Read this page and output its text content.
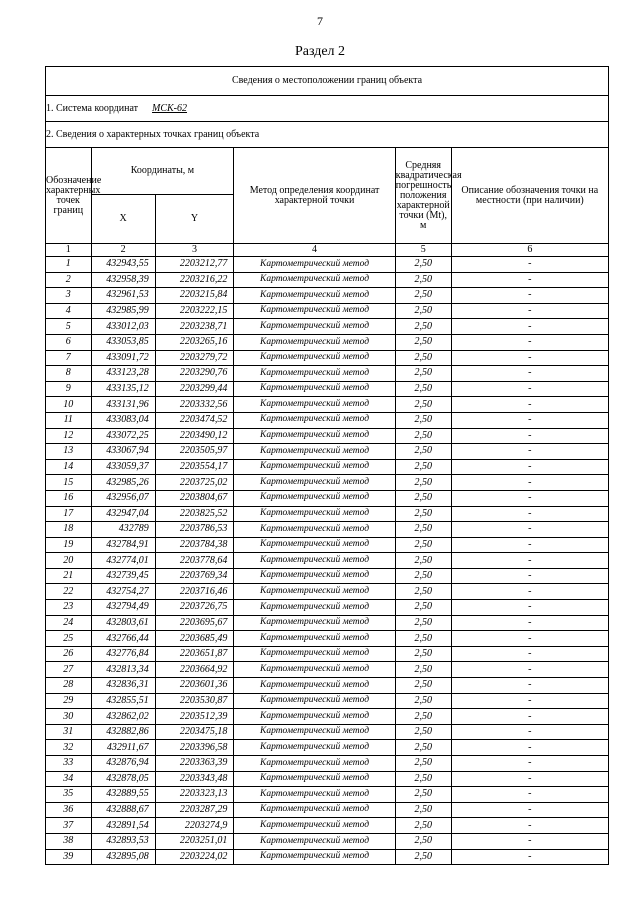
7
Раздел 2
Сведения о местоположении границ объекта					
1. Система координат МСК-62					
2. Сведения о характерных точках границ объекта					
Обозначение характерных точек границ	Координаты, м		Метод определения координат характерной точки	Средняя квадратическая погрешность положения характерной точки (Mt), м	Описание обозначения точки на местности (при наличии)
	X	Y			
1	2	3	4	5	6
1	432943,55	2203212,77	Картометрический метод	2,50	-
2	432958,39	2203216,22	Картометрический метод	2,50	-
3	432961,53	2203215,84	Картометрический метод	2,50	-
4	432985,99	2203222,15	Картометрический метод	2,50	-
5	433012,03	2203238,71	Картометрический метод	2,50	-
6	433053,85	2203265,16	Картометрический метод	2,50	-
7	433091,72	2203279,72	Картометрический метод	2,50	-
8	433123,28	2203290,76	Картометрический метод	2,50	-
9	433135,12	2203299,44	Картометрический метод	2,50	-
10	433131,96	2203332,56	Картометрический метод	2,50	-
11	433083,04	2203474,52	Картометрический метод	2,50	-
12	433072,25	2203490,12	Картометрический метод	2,50	-
13	433067,94	2203505,97	Картометрический метод	2,50	-
14	433059,37	2203554,17	Картометрический метод	2,50	-
15	432985,26	2203725,02	Картометрический метод	2,50	-
16	432956,07	2203804,67	Картометрический метод	2,50	-
17	432947,04	2203825,52	Картометрический метод	2,50	-
18	432789	2203786,53	Картометрический метод	2,50	-
19	432784,91	2203784,38	Картометрический метод	2,50	-
20	432774,01	2203778,64	Картометрический метод	2,50	-
21	432739,45	2203769,34	Картометрический метод	2,50	-
22	432754,27	2203716,46	Картометрический метод	2,50	-
23	432794,49	2203726,75	Картометрический метод	2,50	-
24	432803,61	2203695,67	Картометрический метод	2,50	-
25	432766,44	2203685,49	Картометрический метод	2,50	-
26	432776,84	2203651,87	Картометрический метод	2,50	-
27	432813,34	2203664,92	Картометрический метод	2,50	-
28	432836,31	2203601,36	Картометрический метод	2,50	-
29	432855,51	2203530,87	Картометрический метод	2,50	-
30	432862,02	2203512,39	Картометрический метод	2,50	-
31	432882,86	2203475,18	Картометрический метод	2,50	-
32	432911,67	2203396,58	Картометрический метод	2,50	-
33	432876,94	2203363,39	Картометрический метод	2,50	-
34	432878,05	2203343,48	Картометрический метод	2,50	-
35	432889,55	2203323,13	Картометрический метод	2,50	-
36	432888,67	2203287,29	Картометрический метод	2,50	-
37	432891,54	2203274,9	Картометрический метод	2,50	-
38	432893,53	2203251,01	Картометрический метод	2,50	-
39	432895,08	2203224,02	Картометрический метод	2,50	-
